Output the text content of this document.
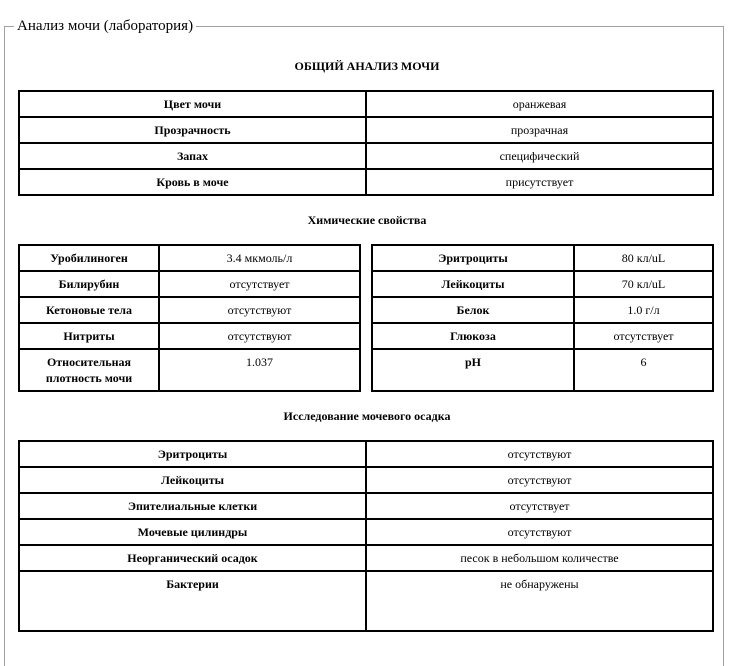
Анализ мочи (лаборатория)
ОБЩИЙ АНАЛИЗ МОЧИ
Цвет мочи	оранжевая
Прозрачность	прозрачная
Запах	специфический
Кровь в моче	присутствует
Химические свойства
Уробилиноген	3.4 мкмоль/л
Билирубин	отсутствует
Кетоновые тела	отсутствуют
Нитриты	отсутствуют
Относительная плотность мочи	1.037
Эритроциты	80 кл/uL
Лейкоциты	70 кл/uL
Белок	1.0 г/л
Глюкоза	отсутствует
pH	6
Исследование мочевого осадка
Эритроциты	отсутствуют
Лейкоциты	отсутствуют
Эпителиальные клетки	отсутствует
Мочевые цилиндры	отсутствуют
Неорганический осадок	песок в небольшом количестве
Бактерии	не обнаружены
